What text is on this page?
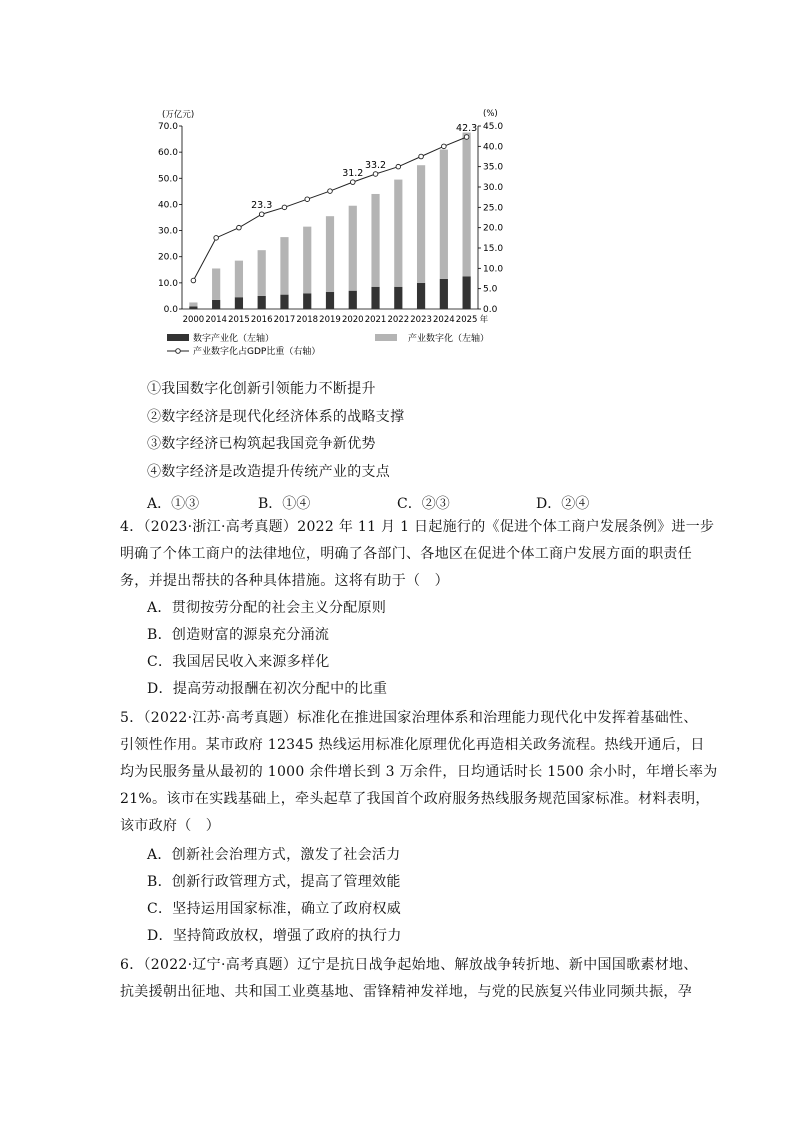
0.0
10.0
20.0
30.0
40.0
50.0
60.0
70.0
0.0
5.0
10.0
15.0
20.0
25.0
30.0
35.0
40.0
45.0
(万亿元)	(%)
23.3
31.2
33.2
42.3
2000 2014 2015 2016 2017 2018 2019 2020 2021 2022 2023 2024 2025 年
数字产业化（左轴）	产业数字化（左轴）
产业数字化占GDP比重（右轴）
①我国数字化创新引领能力不断提升
②数字经济是现代化经济体系的战略支撑
③数字经济已构筑起我国竞争新优势
④数字经济是改造提升传统产业的支点
A．①③	B．①④	C．②③	D．②④
4．（2023·浙江·高考真题）2022 年 11 月 1 日起施行的《促进个体工商户发展条例》进一步
明确了个体工商户的法律地位，明确了各部门、各地区在促进个体工商户发展方面的职责任
务，并提出帮扶的各种具体措施。这将有助于（　）
A．贯彻按劳分配的社会主义分配原则
B．创造财富的源泉充分涌流
C．我国居民收入来源多样化
D．提高劳动报酬在初次分配中的比重
5．（2022·江苏·高考真题）标准化在推进国家治理体系和治理能力现代化中发挥着基础性、
引领性作用。某市政府 12345 热线运用标准化原理优化再造相关政务流程。热线开通后，日
均为民服务量从最初的 1000 余件增长到 3 万余件，日均通话时长 1500 余小时，年增长率为
21%。该市在实践基础上，牵头起草了我国首个政府服务热线服务规范国家标准。材料表明，
该市政府（　）
A．创新社会治理方式，激发了社会活力
B．创新行政管理方式，提高了管理效能
C．坚持运用国家标准，确立了政府权威
D．坚持简政放权，增强了政府的执行力
6．（2022·辽宁·高考真题）辽宁是抗日战争起始地、解放战争转折地、新中国国歌素材地、
抗美援朝出征地、共和国工业奠基地、雷锋精神发祥地，与党的民族复兴伟业同频共振，孕
